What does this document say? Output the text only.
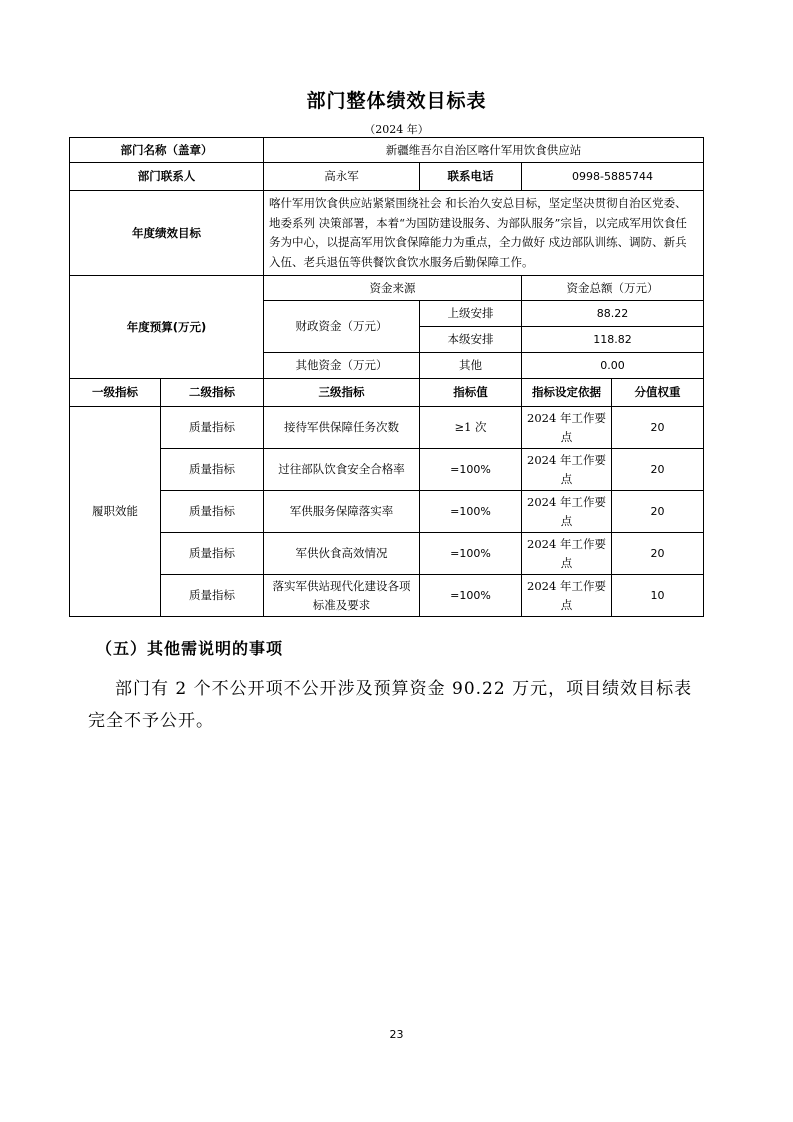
部门整体绩效目标表
（2024 年）
部门名称（盖章）		新疆维吾尔自治区喀什军用饮食供应站			
部门联系人		高永军	联系电话	0998-5885744	
年度绩效目标		喀什军用饮食供应站紧紧围绕社会 和长治久安总目标，坚定坚决贯彻自治区党委、地委系列 决策部署，本着“为国防建设服务、为部队服务”宗旨，以完成军用饮食任务为中心，以提高军用饮食保障能力为重点，全力做好 戍边部队训练、调防、新兵入伍、老兵退伍等供餐饮食饮水服务后勤保障工作。			
年度预算(万元)		资金来源		资金总额（万元）	
		财政资金（万元）	上级安排	88.22	
			本级安排	118.82	
		其他资金（万元）	其他	0.00	
一级指标	二级指标	三级指标	指标值	指标设定依据	分值权重
履职效能	质量指标	接待军供保障任务次数	≥1 次	2024 年工作要点	20
	质量指标	过往部队饮食安全合格率	=100%	2024 年工作要点	20
	质量指标	军供服务保障落实率	=100%	2024 年工作要点	20
	质量指标	军供伙食高效情况	=100%	2024 年工作要点	20
	质量指标	落实军供站现代化建设各项标准及要求	=100%	2024 年工作要点	10
（五）其他需说明的事项
部门有 2 个不公开项不公开涉及预算资金 90.22 万元，项目绩效目标表完全不予公开。
23
